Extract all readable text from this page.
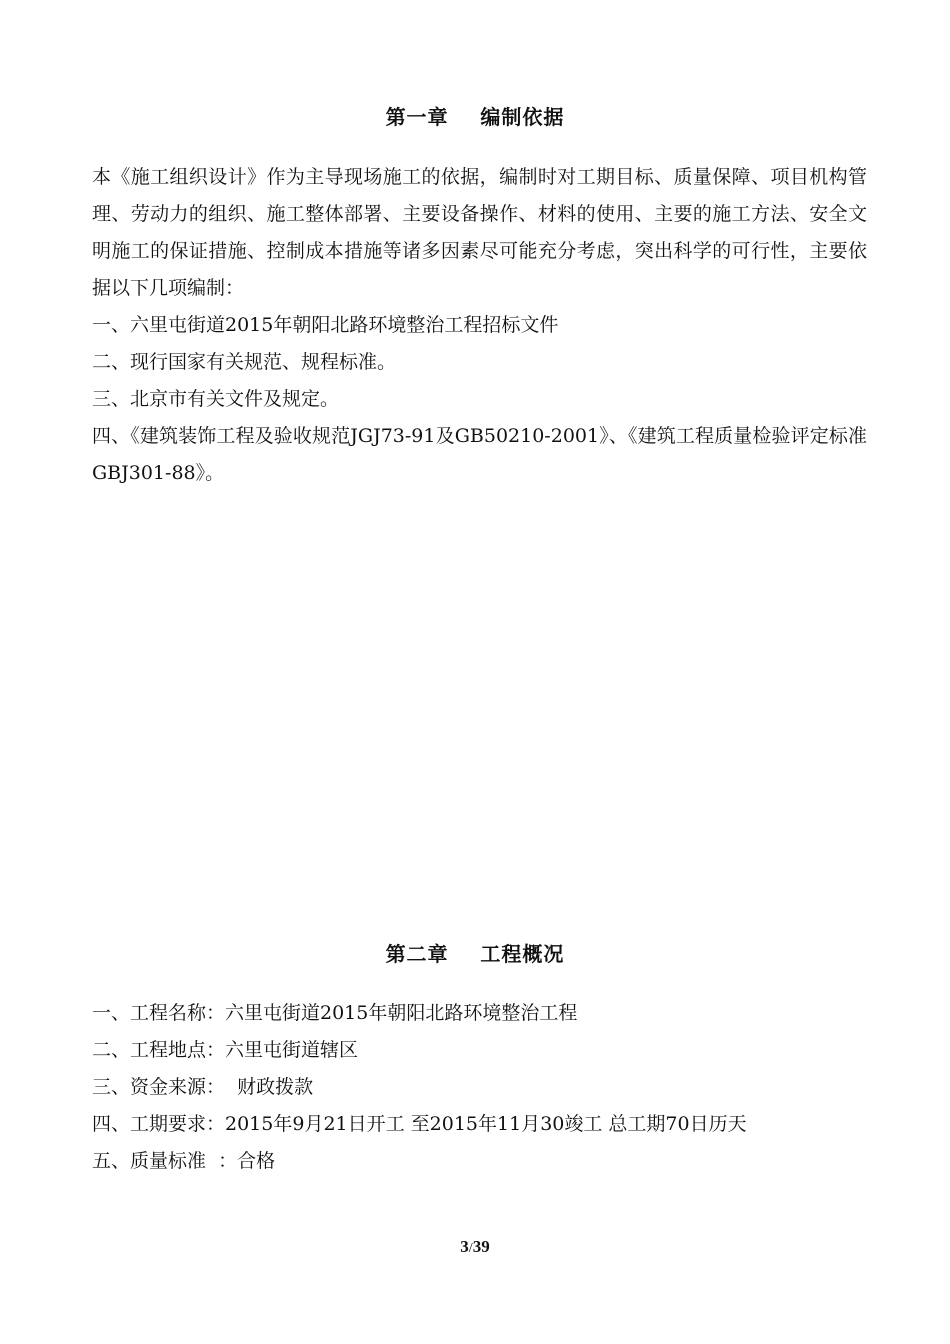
第一章    编制依据

本《施工组织设计》作为主导现场施工的依据，编制时对工期目标、质量保障、项目机构管理、劳动力的组织、施工整体部署、主要设备操作、材料的使用、主要的施工方法、安全文明施工的保证措施、控制成本措施等诸多因素尽可能充分考虑，突出科学的可行性，主要依据以下几项编制：

一、六里屯街道2015年朝阳北路环境整治工程招标文件

二、现行国家有关规范、规程标准。

三、北京市有关文件及规定。

四、《建筑装饰工程及验收规范JGJ73-91及GB50210-2001》、《建筑工程质量检验评定标准GBJ301-88》。

第二章    工程概况

一、工程名称：六里屯街道2015年朝阳北路环境整治工程

二、工程地点：六里屯街道辖区

三、资金来源：  财政拨款

四、工期要求：2015年9月21日开工 至2015年11月30竣工 总工期70日历天

五、质量标准  ：合格

3/39
